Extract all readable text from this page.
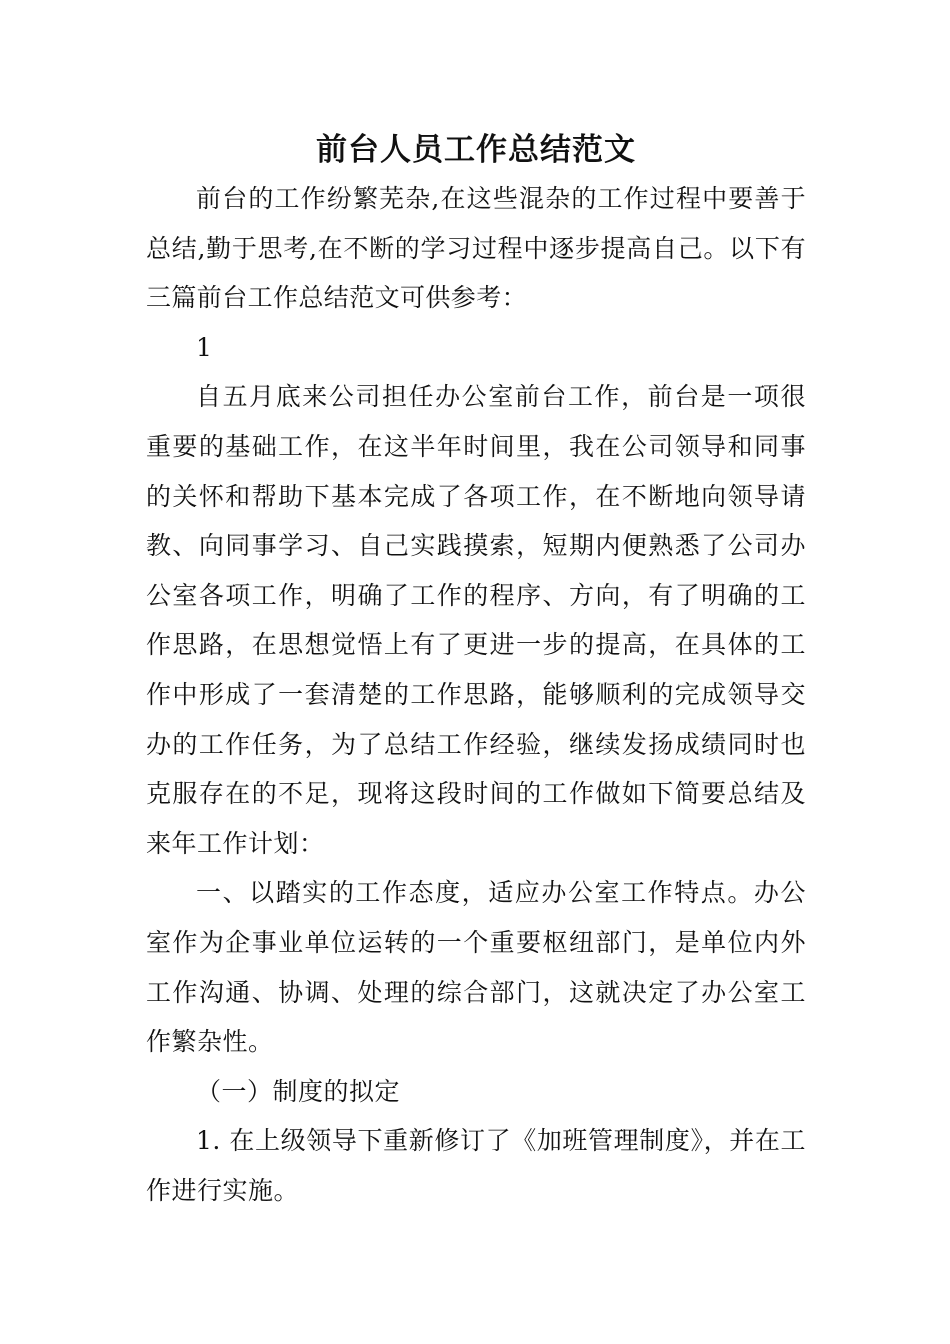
前台人员工作总结范文

前台的工作纷繁芜杂,在这些混杂的工作过程中要善于总结,勤于思考,在不断的学习过程中逐步提高自己。以下有三篇前台工作总结范文可供参考：

1

自五月底来公司担任办公室前台工作，前台是一项很重要的基础工作，在这半年时间里，我在公司领导和同事的关怀和帮助下基本完成了各项工作，在不断地向领导请教、向同事学习、自己实践摸索，短期内便熟悉了公司办公室各项工作，明确了工作的程序、方向，有了明确的工作思路，在思想觉悟上有了更进一步的提高，在具体的工作中形成了一套清楚的工作思路，能够顺利的完成领导交办的工作任务，为了总结工作经验，继续发扬成绩同时也克服存在的不足，现将这段时间的工作做如下简要总结及来年工作计划：

一、以踏实的工作态度，适应办公室工作特点。办公室作为企事业单位运转的一个重要枢纽部门，是单位内外工作沟通、协调、处理的综合部门，这就决定了办公室工作繁杂性。

（一）制度的拟定

1. 在上级领导下重新修订了《加班管理制度》，并在工作进行实施。
